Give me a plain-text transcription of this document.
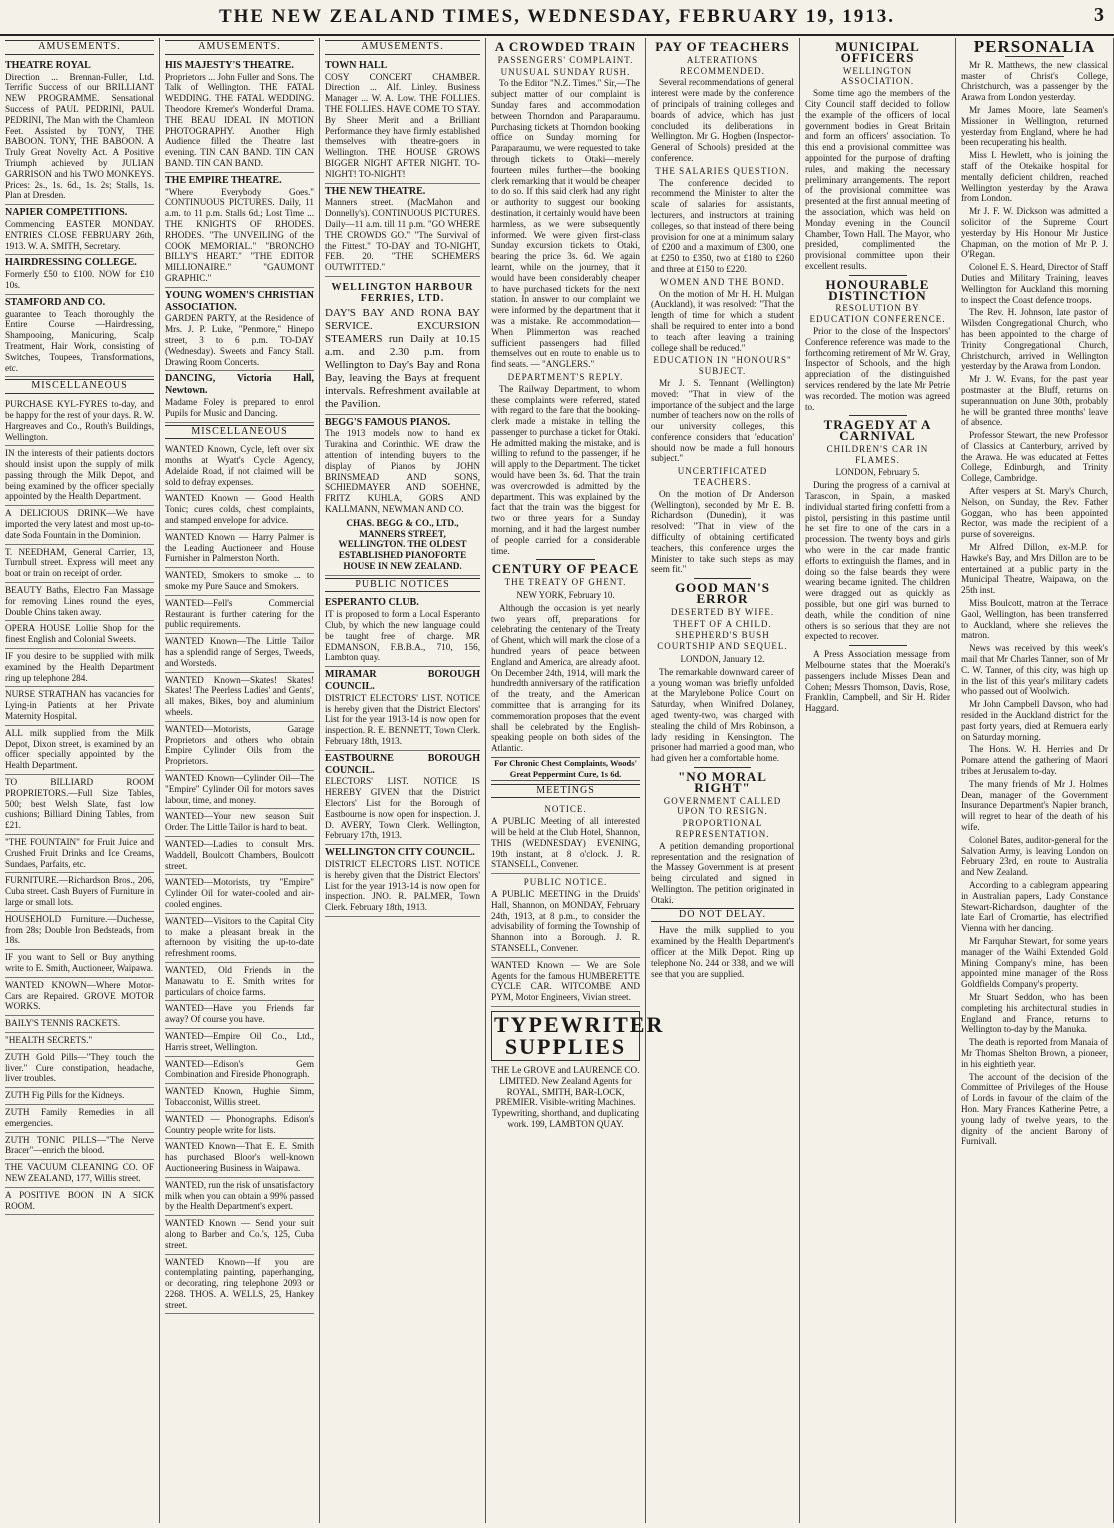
THE NEW ZEALAND TIMES, WEDNESDAY, FEBRUARY 19, 1913.	3
AMUSEMENTS.
THEATRE ROYAL
Direction ... Brennan-Fuller, Ltd. Terrific Success of our BRILLIANT NEW PROGRAMME. Sensational Success of PAUL PEDRINI, PAUL PEDRINI, The Man with the Chamleon Feet. Assisted by TONY, THE BABOON. TONY, THE BABOON. A Truly Great Novelty Act. A Positive Triumph achieved by JULIAN GARRISON and his TWO MONKEYS. Prices: 2s., 1s. 6d., 1s. 2s; Stalls, 1s. Plan at Dresden.
NAPIER COMPETITIONS.
Commencing EASTER MONDAY. ENTRIES CLOSE FEBRUARY 26th, 1913. W. A. SMITH, Secretary.
HAIRDRESSING COLLEGE.
Formerly £50 to £100. NOW for £10 10s.
STAMFORD AND CO.
guarantee to Teach thoroughly the Entire Course —Hairdressing, Shampooing, Manicuring, Scalp Treatment, Hair Work, consisting of Switches, Toupees, Transformations, etc.
MISCELLANEOUS
PURCHASE KYL-FYRES to-day, and be happy for the rest of your days. R. W. Hargreaves and Co., Routh's Buildings, Wellington.
IN the interests of their patients doctors should insist upon the supply of milk passing through the Milk Depot, and being examined by the officer specially appointed by the Health Department.
A DELICIOUS DRINK—We have imported the very latest and most up-to-date Soda Fountain in the Dominion.
T. NEEDHAM, General Carrier, 13, Turnbull street. Express will meet any boat or train on receipt of order.
BEAUTY Baths, Electro Fan Massage for removing Lines round the eyes, Double Chins taken away.
OPERA HOUSE Lollie Shop for the finest English and Colonial Sweets.
IF you desire to be supplied with milk examined by the Health Department ring up telephone 284.
NURSE STRATHAN has vacancies for Lying-in Patients at her Private Maternity Hospital.
ALL milk supplied from the Milk Depot, Dixon street, is examined by an officer specially appointed by the Health Department.
TO BILLIARD ROOM PROPRIETORS.—Full Size Tables, 500; best Welsh Slate, fast low cushions; Billiard Dining Tables, from £21.
"THE FOUNTAIN" for Fruit Juice and Crushed Fruit Drinks and Ice Creams, Sundaes, Parfaits, etc.
FURNITURE.—Richardson Bros., 206, Cuba street. Cash Buyers of Furniture in large or small lots.
HOUSEHOLD Furniture.—Duchesse, from 28s; Double Iron Bedsteads, from 18s.
IF you want to Sell or Buy anything write to E. Smith, Auctioneer, Waipawa.
WANTED KNOWN—Where Motor-Cars are Repaired. GROVE MOTOR WORKS.
BAILY'S TENNIS RACKETS.
"HEALTH SECRETS."
ZUTH Gold Pills—"They touch the liver." Cure constipation, headache, liver troubles.
ZUTH Fig Pills for the Kidneys.
ZUTH Family Remedies in all emergencies.
ZUTH TONIC PILLS—"The Nerve Bracer"—enrich the blood.
THE VACUUM CLEANING CO. OF NEW ZEALAND, 177, Willis street.
A POSITIVE BOON IN A SICK ROOM.
AMUSEMENTS.
HIS MAJESTY'S THEATRE.
Proprietors ... John Fuller and Sons. The Talk of Wellington. THE FATAL WEDDING. THE FATAL WEDDING. Theodore Kremer's Wonderful Drama. THE BEAU IDEAL IN MOTION PHOTOGRAPHY. Another High Audience filled the Theatre last evening. TIN CAN BAND. TIN CAN BAND. TIN CAN BAND.
THE EMPIRE THEATRE.
"Where Everybody Goes." CONTINUOUS PICTURES. Daily, 11 a.m. to 11 p.m. Stalls 6d.; Lost Time ... THE KNIGHTS OF RHODES. RHODES. "The UNVEILING of the COOK MEMORIAL." "BRONCHO BILLY'S HEART." "THE EDITOR MILLIONAIRE." "GAUMONT GRAPHIC."
YOUNG WOMEN'S CHRISTIAN ASSOCIATION.
GARDEN PARTY, at the Residence of Mrs. J. P. Luke, "Penmore," Hinepo street, 3 to 6 p.m. TO-DAY (Wednesday). Sweets and Fancy Stall. Drawing Room Concerts.
DANCING, Victoria Hall, Newtown.
Madame Foley is prepared to enrol Pupils for Music and Dancing.
MISCELLANEOUS
WANTED Known, Cycle, left over six months at Wyatt's Cycle Agency, Adelaide Road, if not claimed will be sold to defray expenses.
WANTED Known — Good Health Tonic; cures colds, chest complaints, and stamped envelope for advice.
WANTED Known — Harry Palmer is the Leading Auctioneer and House Furnisher in Palmerston North.
WANTED, Smokers to smoke ... to smoke my Pure Sauce and Smokers.
WANTED—Fell's Commercial Restaurant is further catering for the public requirements.
WANTED Known—The Little Tailor has a splendid range of Serges, Tweeds, and Worsteds.
WANTED Known—Skates! Skates! Skates! The Peerless Ladies' and Gents', all makes, Bikes, boy and aluminium wheels.
WANTED—Motorists, Garage Proprietors and others who obtain Empire Cylinder Oils from the Proprietors.
WANTED Known—Cylinder Oil—The "Empire" Cylinder Oil for motors saves labour, time, and money.
WANTED—Your new season Suit Order. The Little Tailor is hard to beat.
WANTED—Ladies to consult Mrs. Waddell, Boulcott Chambers, Boulcott street.
WANTED—Motorists, try "Empire" Cylinder Oil for water-cooled and air-cooled engines.
WANTED—Visitors to the Capital City to make a pleasant break in the afternoon by visiting the up-to-date refreshment rooms.
WANTED, Old Friends in the Manawatu to E. Smith writes for particulars of choice farms.
WANTED—Have you Friends far away? Of course you have.
WANTED—Empire Oil Co., Ltd., Harris street, Wellington.
WANTED—Edison's Gem Combination and Fireside Phonograph.
WANTED Known, Hughie Simm, Tobacconist, Willis street.
WANTED — Phonographs. Edison's Country people write for lists.
WANTED Known—That E. E. Smith has purchased Bloor's well-known Auctioneering Business in Waipawa.
WANTED, run the risk of unsatisfactory milk when you can obtain a 99% passed by the Health Department's expert.
WANTED Known — Send your suit along to Barber and Co.'s, 125, Cuba street.
WANTED Known—If you are contemplating painting, paperhanging, or decorating, ring telephone 2093 or 2268. THOS. A. WELLS, 25, Hankey street.
AMUSEMENTS.
TOWN HALL
COSY CONCERT CHAMBER. Direction ... Alf. Linley. Business Manager ... W. A. Low. THE FOLLIES. THE FOLLIES. HAVE COME TO STAY. By Sheer Merit and a Brilliant Performance they have firmly established themselves with theatre-goers in Wellington. THE HOUSE GROWS BIGGER NIGHT AFTER NIGHT. TO-NIGHT! TO-NIGHT!
THE NEW THEATRE.
Manners street. (MacMahon and Donnelly's). CONTINUOUS PICTURES. Daily—11 a.m. till 11 p.m. "GO WHERE THE CROWDS GO." "The Survival of the Fittest." TO-DAY and TO-NIGHT, FEB. 20. "THE SCHEMERS OUTWITTED."
WELLINGTON HARBOUR FERRIES, LTD.
DAY'S BAY AND RONA BAY SERVICE. EXCURSION STEAMERS run Daily at 10.15 a.m. and 2.30 p.m. from Wellington to Day's Bay and Rona Bay, leaving the Bays at frequent intervals. Refreshment available at the Pavilion.
BEGG'S FAMOUS PIANOS.
The 1913 models now to hand ex Turakina and Corinthic. WE draw the attention of intending buyers to the display of Pianos by JOHN BRINSMEAD AND SONS, SCHIEDMAYER AND SOEHNE, FRITZ KUHLA, GORS AND KALLMANN, NEWMAN AND CO.
CHAS. BEGG & CO., LTD., MANNERS STREET, WELLINGTON. THE OLDEST ESTABLISHED PIANOFORTE HOUSE IN NEW ZEALAND.
PUBLIC NOTICES
ESPERANTO CLUB.
IT is proposed to form a Local Esperanto Club, by which the new language could be taught free of charge. MR EDMANSON, F.B.B.A., 710, 156, Lambton quay.
MIRAMAR BOROUGH COUNCIL.
DISTRICT ELECTORS' LIST. NOTICE is hereby given that the District Electors' List for the year 1913-14 is now open for inspection. R. E. BENNETT, Town Clerk. February 18th, 1913.
EASTBOURNE BOROUGH COUNCIL.
ELECTORS' LIST. NOTICE IS HEREBY GIVEN that the District Electors' List for the Borough of Eastbourne is now open for inspection. J. D. AVERY, Town Clerk. Wellington, February 17th, 1913.
WELLINGTON CITY COUNCIL.
DISTRICT ELECTORS LIST. NOTICE is hereby given that the District Electors' List for the year 1913-14 is now open for inspection. JNO. R. PALMER, Town Clerk. February 18th, 1913.
A CROWDED TRAIN
PASSENGERS' COMPLAINT.
UNUSUAL SUNDAY RUSH.

To the Editor "N.Z. Times." Sir,—The subject matter of our complaint is Sunday fares and accommodation between Thorndon and Paraparaumu. Purchasing tickets at Thorndon booking office on Sunday morning for Paraparaumu, we were requested to take through tickets to Otaki—merely fourteen miles further—the booking clerk remarking that it would be cheaper to do so. If this said clerk had any right or authority to suggest our booking destination, it certainly would have been harmless, as we were subsequently informed. We were given first-class Sunday excursion tickets to Otaki, bearing the price 3s. 6d. We again learnt, while on the journey, that it would have been considerably cheaper to have purchased tickets for the next station. In answer to our complaint we were informed by the department that it was a mistake. Re accommodation—When Plimmerton was reached sufficient passengers had filled themselves out en route to enable us to find seats. — "ANGLERS."

DEPARTMENT'S REPLY.

The Railway Department, to whom these complaints were referred, stated with regard to the fare that the booking-clerk made a mistake in telling the passenger to purchase a ticket for Otaki. He admitted making the mistake, and is willing to refund to the passenger, if he will apply to the Department. The ticket would have been 3s. 6d. That the train was overcrowded is admitted by the department. This was explained by the fact that the train was the biggest for two or three years for a Sunday morning, and it had the largest number of people carried for a considerable time.

CENTURY OF PEACE
THE TREATY OF GHENT.
NEW YORK, February 10.

Although the occasion is yet nearly two years off, preparations for celebrating the centenary of the Treaty of Ghent, which will mark the close of a hundred years of peace between England and America, are already afoot. On December 24th, 1914, will mark the hundredth anniversary of the ratification of the treaty, and the American committee that is arranging for its commemoration proposes that the event shall be celebrated by the English-speaking people on both sides of the Atlantic.

For Chronic Chest Complaints, Woods' Great Peppermint Cure, 1s 6d.
MEETINGS
NOTICE.
A PUBLIC Meeting of all interested will be held at the Club Hotel, Shannon, THIS (WEDNESDAY) EVENING, 19th instant, at 8 o'clock. J. R. STANSELL, Convener.
PUBLIC NOTICE.
A PUBLIC MEETING in the Druids' Hall, Shannon, on MONDAY, February 24th, 1913, at 8 p.m., to consider the advisability of forming the Township of Shannon into a Borough. J. R. STANSELL, Convener.
WANTED Known — We are Sole Agents for the famous HUMBERETTE CYCLE CAR. WITCOMBE AND PYM, Motor Engineers, Vivian street.
TYPEWRITER SUPPLIES
THE Le GROVE and LAURENCE CO. LIMITED. New Zealand Agents for ROYAL, SMITH, BAR-LOCK, PREMIER. Visible-writing Machines. Typewriting, shorthand, and duplicating work. 199, LAMBTON QUAY.
PAY OF TEACHERS
ALTERATIONS RECOMMENDED.

Several recommendations of general interest were made by the conference of principals of training colleges and boards of advice, which has just concluded its deliberations in Wellington. Mr G. Hogben (Inspector-General of Schools) presided at the conference.

THE SALARIES QUESTION.

The conference decided to recommend the Minister to alter the scale of salaries for assistants, lecturers, and instructors at training colleges, so that instead of there being provision for one at a minimum salary of £200 and a maximum of £300, one at £250 to £350, two at £180 to £260 and three at £150 to £220.

WOMEN AND THE BOND.

On the motion of Mr H. H. Mulgan (Auckland), it was resolved: "That the length of time for which a student shall be required to enter into a bond to teach after leaving a training college shall be reduced."

EDUCATION IN "HONOURS" SUBJECT.

Mr J. S. Tennant (Wellington) moved: "That in view of the importance of the subject and the large number of teachers now on the rolls of our university colleges, this conference considers that 'education' should now be made a full honours subject."

UNCERTIFICATED TEACHERS.

On the motion of Dr Anderson (Wellington), seconded by Mr E. B. Richardson (Dunedin), it was resolved: "That in view of the difficulty of obtaining certificated teachers, this conference urges the Minister to take such steps as may seem fit."

GOOD MAN'S ERROR
DESERTED BY WIFE.
THEFT OF A CHILD.
SHEPHERD'S BUSH COURTSHIP AND SEQUEL.
LONDON, January 12.

The remarkable downward career of a young woman was briefly unfolded at the Marylebone Police Court on Saturday, when Winifred Dolaney, aged twenty-two, was charged with stealing the child of Mrs Robinson, a lady residing in Kensington. The prisoner had married a good man, who had given her a comfortable home.

"NO MORAL RIGHT"
GOVERNMENT CALLED UPON TO RESIGN.
PROPORTIONAL REPRESENTATION.

A petition demanding proportional representation and the resignation of the Massey Government is at present being circulated and signed in Wellington. The petition originated in Otaki.

DO NOT DELAY.

Have the milk supplied to you examined by the Health Department's officer at the Milk Depot. Ring up telephone No. 244 or 338, and we will see that you are supplied.

MUNICIPAL OFFICERS
WELLINGTON ASSOCIATION.

Some time ago the members of the City Council staff decided to follow the example of the officers of local government bodies in Great Britain and form an officers' association. To this end a provisional committee was appointed for the purpose of drafting rules, and making the necessary preliminary arrangements. The report of the provisional committee was presented at the first annual meeting of the association, which was held on Monday evening in the Council Chamber, Town Hall. The Mayor, who presided, complimented the provisional committee upon their excellent results.

HONOURABLE DISTINCTION
RESOLUTION BY EDUCATION CONFERENCE.

Prior to the close of the Inspectors' Conference reference was made to the forthcoming retirement of Mr W. Gray, Inspector of Schools, and the high appreciation of the distinguished services rendered by the late Mr Petrie was recorded. The motion was agreed to.

TRAGEDY AT A CARNIVAL
CHILDREN'S CAR IN FLAMES.
LONDON, February 5.

During the progress of a carnival at Tarascon, in Spain, a masked individual started firing confetti from a pistol, persisting in this pastime until he set fire to one of the cars in a procession. The twenty boys and girls who were in the car made frantic efforts to extinguish the flames, and in doing so the false beards they were wearing became ignited. The children were dragged out as quickly as possible, but one girl was burned to death, while the condition of nine others is so serious that they are not expected to recover.

A Press Association message from Melbourne states that the Moeraki's passengers include Misses Dean and Cohen; Messrs Thomson, Davis, Rose, Franklin, Campbell, and Sir H. Rider Haggard.

PERSONALIA

Mr R. Matthews, the new classical master of Christ's College, Christchurch, was a passenger by the Arawa from London yesterday.

Mr James Moore, late Seamen's Missioner in Wellington, returned yesterday from England, where he had been recuperating his health.

Miss I. Hewlett, who is joining the staff of the Otekaike hospital for mentally deficient children, reached Wellington yesterday by the Arawa from London.

Mr J. F. W. Dickson was admitted a solicitor of the Supreme Court yesterday by His Honour Mr Justice Chapman, on the motion of Mr P. J. O'Regan.

Colonel E. S. Heard, Director of Staff Duties and Military Training, leaves Wellington for Auckland this morning to inspect the Coast defence troops.

The Rev. H. Johnson, late pastor of Wilsden Congregational Church, who has been appointed to the charge of Trinity Congregational Church, Christchurch, arrived in Wellington yesterday by the Arawa from London.

Mr J. W. Evans, for the past year postmaster at the Bluff, returns on superannuation on June 30th, probably he will be granted three months' leave of absence.

Professor Stewart, the new Professor of Classics at Canterbury, arrived by the Arawa. He was educated at Fettes College, Edinburgh, and Trinity College, Cambridge.

After vespers at St. Mary's Church, Nelson, on Sunday, the Rev. Father Goggan, who has been appointed Rector, was made the recipient of a purse of sovereigns.

Mr Alfred Dillon, ex-M.P. for Hawke's Bay, and Mrs Dillon are to be entertained at a public party in the Municipal Theatre, Waipawa, on the 25th inst.

Miss Boulcott, matron at the Terrace Gaol, Wellington, has been transferred to Auckland, where she relieves the matron.

News was received by this week's mail that Mr Charles Tanner, son of Mr C. W. Tanner, of this city, was high up in the list of this year's military cadets who passed out of Woolwich.

Mr John Campbell Davson, who had resided in the Auckland district for the past forty years, died at Remuera early on Saturday morning.

The Hons. W. H. Herries and Dr Pomare attend the gathering of Maori tribes at Jerusalem to-day.

The many friends of Mr J. Holmes Dean, manager of the Government Insurance Department's Napier branch, will regret to hear of the death of his wife.

Colonel Bates, auditor-general for the Salvation Army, is leaving London on February 23rd, en route to Australia and New Zealand.

According to a cablegram appearing in Australian papers, Lady Constance Stewart-Richardson, daughter of the late Earl of Cromartie, has electrified Vienna with her dancing.

Mr Farquhar Stewart, for some years manager of the Waihi Extended Gold Mining Company's mine, has been appointed mine manager of the Ross Goldfields Company's property.

Mr Stuart Seddon, who has been completing his architectural studies in England and France, returns to Wellington to-day by the Manuka.

The death is reported from Manaia of Mr Thomas Shelton Brown, a pioneer, in his eightieth year.

The account of the decision of the Committee of Privileges of the House of Lords in favour of the claim of the Hon. Mary Frances Katherine Petre, a young lady of twelve years, to the dignity of the ancient Barony of Furnivall.
